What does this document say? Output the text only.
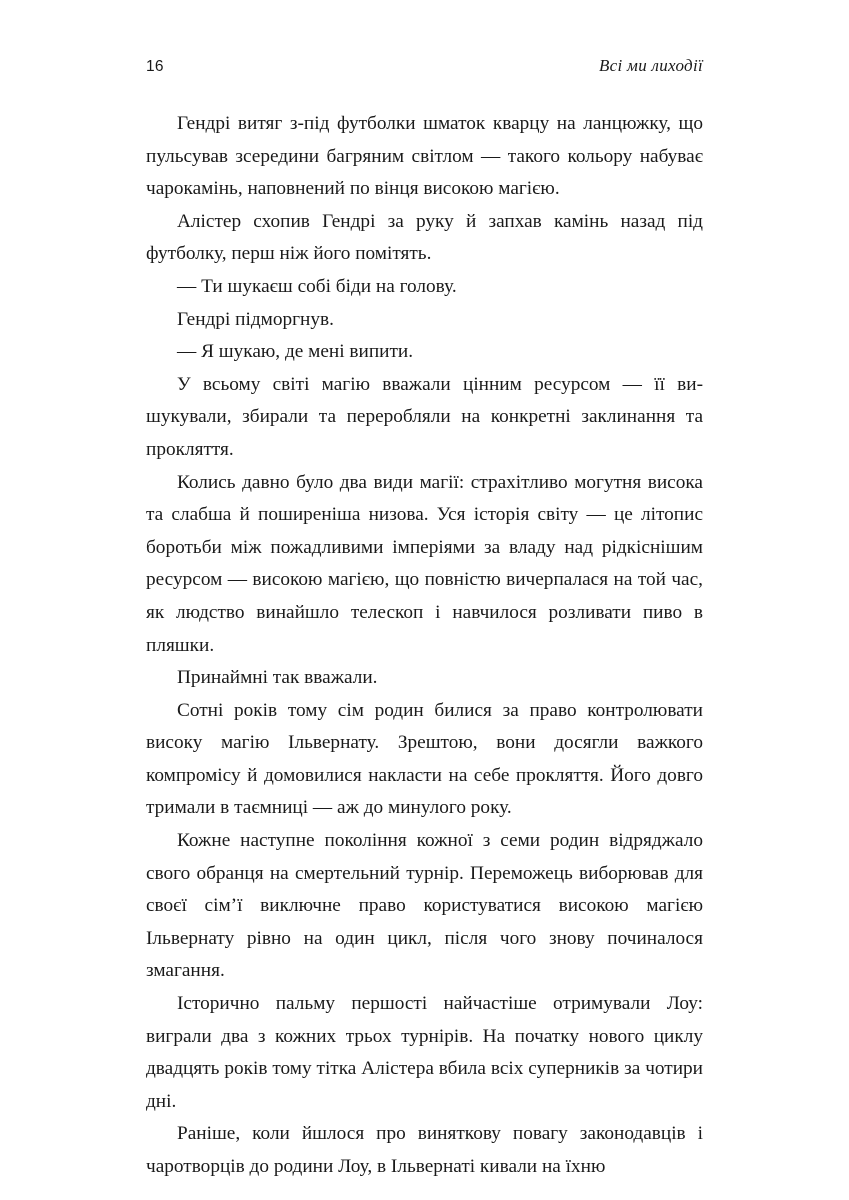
16	Всі ми лиходії

Гендрі витяг з-під футболки шматок кварцу на ланцюжку, що пульсував зсередини багряним світлом — такого кольору набуває чарокамінь, наповнений по вінця високою магією.

Алістер схопив Гендрі за руку й запхав камінь назад під футболку, перш ніж його помітять.

— Ти шукаєш собі біди на голову.

Гендрі підморгнув.

— Я шукаю, де мені випити.

У всьому світі магію вважали цінним ресурсом — її вишукували, збирали та переробляли на конкретні заклинання та прокляття.

Колись давно було два види магії: страхітливо могутня висока та слабша й поширеніша низова. Уся історія світу — це літопис боротьби між пожадливими імперіями за владу над рідкіснішим ресурсом — високою магією, що повністю вичерпалася на той час, як людство винайшло телескоп і навчилося розливати пиво в пляшки.

Принаймні так вважали.

Сотні років тому сім родин билися за право контролювати високу магію Ільвернату. Зрештою, вони досягли важкого компромісу й домовилися накласти на себе прокляття. Його довго тримали в таємниці — аж до минулого року.

Кожне наступне покоління кожної з семи родин відряджало свого обранця на смертельний турнір. Переможець виборював для своєї сім’ї виключне право користуватися високою магією Ільвернату рівно на один цикл, після чого знову починалося змагання.

Історично пальму першості найчастіше отримували Лоу: виграли два з кожних трьох турнірів. На початку нового циклу двадцять років тому тітка Алістера вбила всіх суперників за чотири дні.

Раніше, коли йшлося про виняткову повагу законодавців і чаротворців до родини Лоу, в Ільвернаті кивали на їхню
